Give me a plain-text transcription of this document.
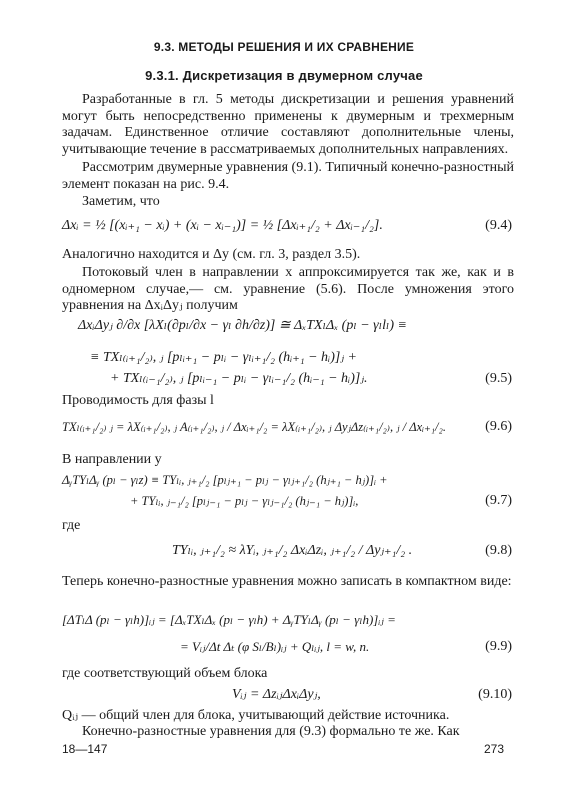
9.3. МЕТОДЫ РЕШЕНИЯ И ИХ СРАВНЕНИЕ
9.3.1. Дискретизация в двумерном случае
Разработанные в гл. 5 методы дискретизации и решения уравнений могут быть непосредственно применены к двумерным и трехмерным задачам. Единственное отличие составляют дополнительные члены, учитывающие течение в рассматриваемых дополнительных направлениях.
Рассмотрим двумерные уравнения (9.1). Типичный конечно-разностный элемент показан на рис. 9.4.
Заметим, что
Δxᵢ = ½ [(xᵢ₊₁ − xᵢ) + (xᵢ − xᵢ₋₁)] = ½ [Δxᵢ₊₁/₂ + Δxᵢ₋₁/₂].	(9.4)
Аналогично находится и Δy (см. гл. 3, раздел 3.5).
Потоковый член в направлении x аппроксимируется так же, как и в одномерном случае,— см. уравнение (5.6). После умножения этого уравнения на ΔxᵢΔyⱼ получим
ΔxᵢΔyⱼ ∂/∂x [λXₗ(∂pₗ/∂x − γₗ ∂h/∂z)] ≅ ΔₓTXₗΔₓ (pₗ − γₗlₗ) ≡
≡ TXₗ₍ᵢ₊₁/₂₎, ⱼ [pₗᵢ₊₁ − pₗᵢ − γₗᵢ₊₁/₂ (hᵢ₊₁ − hᵢ)]ⱼ +
+ TXₗ₍ᵢ₋₁/₂₎, ⱼ [pₗᵢ₋₁ − pₗᵢ − γₗᵢ₋₁/₂ (hᵢ₋₁ − hᵢ)]ⱼ.	(9.5)
Проводимость для фазы l
TXₗ₍ᵢ₊₁/₂₎ ⱼ = λX₍ᵢ₊₁/₂₎, ⱼ A₍ᵢ₊₁/₂₎, ⱼ / Δxᵢ₊₁/₂ = λX₍ᵢ₊₁/₂₎, ⱼ ΔyⱼΔz₍ᵢ₊₁/₂₎, ⱼ / Δxᵢ₊₁/₂.	(9.6)
В направлении y
ΔᵧTYₗΔᵧ (pₗ − γₗz) ≡ TYₗᵢ, ⱼ₊₁/₂ [pₗⱼ₊₁ − pₗⱼ − γₗⱼ₊₁/₂ (hⱼ₊₁ − hⱼ)]ᵢ +
+ TYₗᵢ, ⱼ₋₁/₂ [pₗⱼ₋₁ − pₗⱼ − γₗⱼ₋₁/₂ (hⱼ₋₁ − hⱼ)]ᵢ,	(9.7)
где
TYₗᵢ, ⱼ₊₁/₂ ≈ λYᵢ, ⱼ₊₁/₂ ΔxᵢΔzᵢ, ⱼ₊₁/₂ / Δyⱼ₊₁/₂ .	(9.8)
Теперь конечно-разностные уравнения можно записать в компактном виде:
[ΔTₗΔ (pₗ − γₗh)]ᵢⱼ = [ΔₓTXₗΔₓ (pₗ − γₗh) + ΔᵧTYₗΔᵧ (pₗ − γₗh)]ᵢⱼ =
= Vᵢⱼ/Δt Δₜ (φ Sₗ/Bₗ)ᵢⱼ + Qₗᵢⱼ, l = w, n.	(9.9)
где соответствующий объем блока
Vᵢⱼ = ΔzᵢⱼΔxᵢΔyⱼ,	(9.10)
Qᵢⱼ — общий член для блока, учитывающий действие источника.
Конечно-разностные уравнения для (9.3) формально те же. Как
18—147	273
